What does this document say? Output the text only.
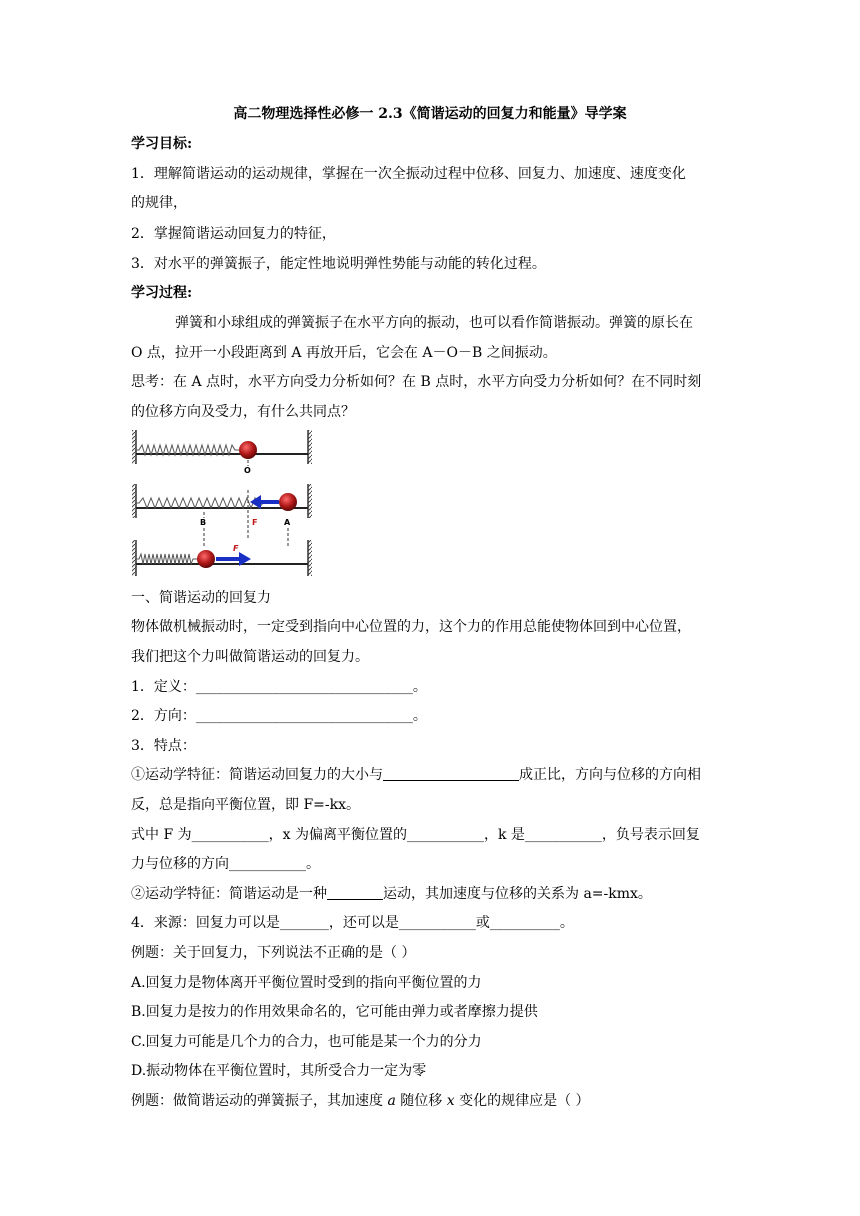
高二物理选择性必修一 2.3《简谐运动的回复力和能量》导学案
学习目标:
1．理解简谐运动的运动规律，掌握在一次全振动过程中位移、回复力、加速度、速度变化
的规律，
2．掌握简谐运动回复力的特征，
3．对水平的弹簧振子，能定性地说明弹性势能与动能的转化过程。
学习过程:
弹簧和小球组成的弹簧振子在水平方向的振动，也可以看作简谐振动。弹簧的原长在
O 点，拉开一小段距离到 A 再放开后，它会在 A－O－B 之间振动。
思考：在 A 点时，水平方向受力分析如何？在 B 点时，水平方向受力分析如何？在不同时刻
的位移方向及受力，有什么共同点？
O
B	F	A
F
一、简谐运动的回复力
物体做机械振动时，一定受到指向中心位置的力，这个力的作用总能使物体回到中心位置，
我们把这个力叫做简谐运动的回复力。
1．定义：_______________________________。
2．方向：_______________________________。
3．特点：
①运动学特征：简谐运动回复力的大小与	成正比，方向与位移的方向相
反，总是指向平衡位置，即 F=-kx。
式中 F 为___________，x 为偏离平衡位置的___________，k 是___________，负号表示回复
力与位移的方向___________。
②运动学特征：简谐运动是一种	运动，其加速度与位移的关系为 a=-kmx。
4．来源：回复力可以是_______，还可以是___________或__________。
例题：关于回复力，下列说法不正确的是（ ）
A.回复力是物体离开平衡位置时受到的指向平衡位置的力
B.回复力是按力的作用效果命名的，它可能由弹力或者摩擦力提供
C.回复力可能是几个力的合力，也可能是某一个力的分力
D.振动物体在平衡位置时，其所受合力一定为零
例题：做简谐运动的弹簧振子，其加速度 a 随位移 x 变化的规律应是（ ）
